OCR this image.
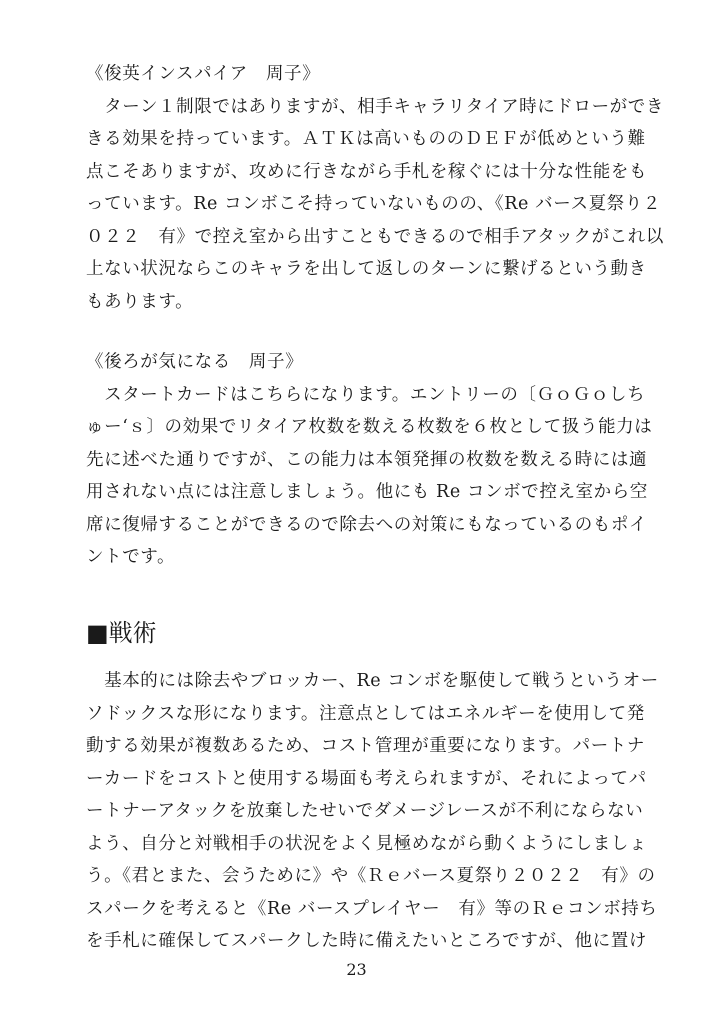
《俊英インスパイア　周子》
　ターン１制限ではありますが、相手キャラリタイア時にドローができ
きる効果を持っています。ＡＴＫは高いもののＤＥＦが低めという難
点こそありますが、攻めに行きながら手札を稼ぐには十分な性能をも
っています。Re コンボこそ持っていないものの、《Re バース夏祭り２
０２２　有》で控え室から出すこともできるので相手アタックがこれ以
上ない状況ならこのキャラを出して返しのターンに繋げるという動き
もあります。
《後ろが気になる　周子》
　スタートカードはこちらになります。エントリーの〔ＧｏＧｏしち
ゅー‘ｓ〕の効果でリタイア枚数を数える枚数を６枚として扱う能力は
先に述べた通りですが、この能力は本領発揮の枚数を数える時には適
用されない点には注意しましょう。他にも Re コンボで控え室から空
席に復帰することができるので除去への対策にもなっているのもポイ
ントです。
■戦術
　基本的には除去やブロッカー、Re コンボを駆使して戦うというオー
ソドックスな形になります。注意点としてはエネルギーを使用して発
動する効果が複数あるため、コスト管理が重要になります。パートナ
ーカードをコストと使用する場面も考えられますが、それによってパ
ートナーアタックを放棄したせいでダメージレースが不利にならない
よう、自分と対戦相手の状況をよく見極めながら動くようにしましょ
う。《君とまた、会うために》や《Ｒｅバース夏祭り２０２２　有》の
スパークを考えると《Re バースプレイヤー　有》等のＲｅコンボ持ち
を手札に確保してスパークした時に備えたいところですが、他に置け
23
